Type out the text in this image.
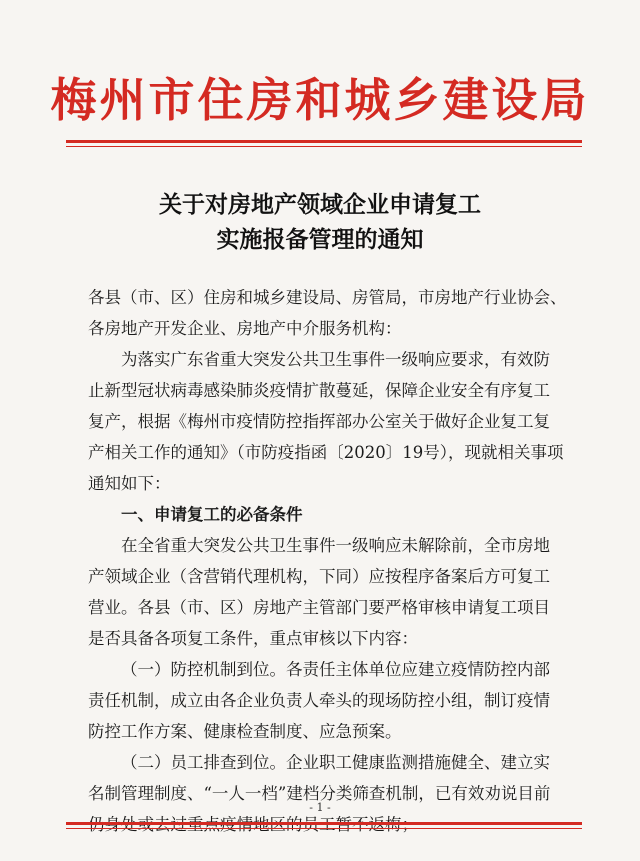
梅州市住房和城乡建设局
关于对房地产领域企业申请复工
实施报备管理的通知
各县（市、区）住房和城乡建设局、房管局，市房地产行业协会、
各房地产开发企业、房地产中介服务机构：
为落实广东省重大突发公共卫生事件一级响应要求，有效防
止新型冠状病毒感染肺炎疫情扩散蔓延，保障企业安全有序复工
复产，根据《梅州市疫情防控指挥部办公室关于做好企业复工复
产相关工作的通知》（市防疫指函〔2020〕19号），现就相关事项
通知如下：
一、申请复工的必备条件
在全省重大突发公共卫生事件一级响应未解除前，全市房地
产领域企业（含营销代理机构，下同）应按程序备案后方可复工
营业。各县（市、区）房地产主管部门要严格审核申请复工项目
是否具备各项复工条件，重点审核以下内容：
（一）防控机制到位。各责任主体单位应建立疫情防控内部
责任机制，成立由各企业负责人牵头的现场防控小组，制订疫情
防控工作方案、健康检查制度、应急预案。
（二）员工排查到位。企业职工健康监测措施健全、建立实
名制管理制度、“一人一档”建档分类筛查机制，已有效劝说目前
- 1 -
